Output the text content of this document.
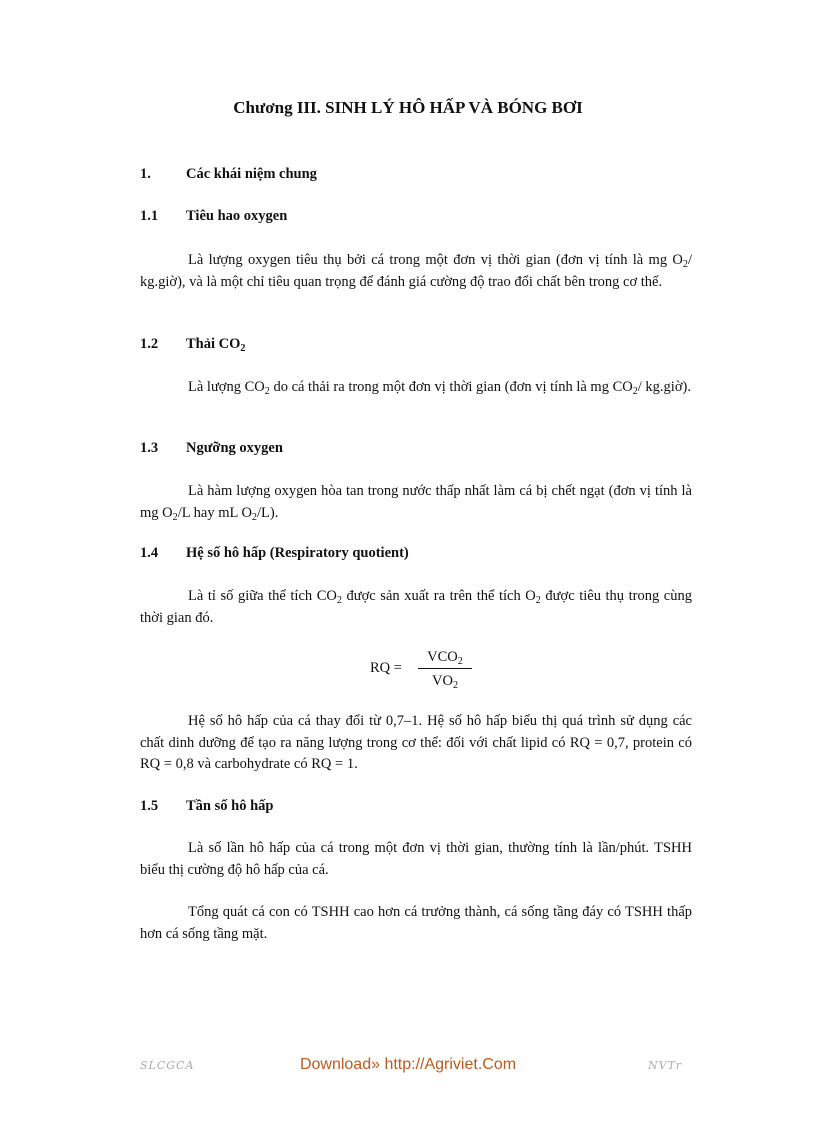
Chương III. SINH LÝ HÔ HẤP VÀ BÓNG BƠI
1. Các khái niệm chung
1.1 Tiêu hao oxygen
Là lượng oxygen tiêu thụ bởi cá trong một đơn vị thời gian (đơn vị tính là mg $O_2/$ kg.giờ), và là một chỉ tiêu quan trọng để đánh giá cường độ trao đổi chất bên trong cơ thể.
1.2 Thải $CO_2$
Là lượng $CO_2$ do cá thải ra trong một đơn vị thời gian (đơn vị tính là mg $CO_2/$ kg.giờ).
1.3 Ngưỡng oxygen
Là hàm lượng oxygen hòa tan trong nước thấp nhất làm cá bị chết ngạt (đơn vị tính là mg $O_2/L$ hay mL $O_2/L$).
1.4 Hệ số hô hấp (Respiratory quotient)
Là tỉ số giữa thể tích $CO_2$ được sản xuất ra trên thể tích $O_2$ được tiêu thụ trong cùng thời gian đó.
RQ =
$VCO_2$
$VO_2$
Hệ số hô hấp của cá thay đổi từ 0,7–1. Hệ số hô hấp biểu thị quá trình sử dụng các chất dinh dưỡng để tạo ra năng lượng trong cơ thể: đối với chất lipid có RQ = 0,7, protein có RQ = 0,8 và carbohydrate có RQ = 1.
1.5 Tần số hô hấp
Là số lần hô hấp của cá trong một đơn vị thời gian, thường tính là lần/phút. TSHH biểu thị cường độ hô hấp của cá.
Tổng quát cá con có TSHH cao hơn cá trưởng thành, cá sống tầng đáy có TSHH thấp hơn cá sống tầng mặt.
SLCGCA	Download» http://Agriviet.Com	NVTr
